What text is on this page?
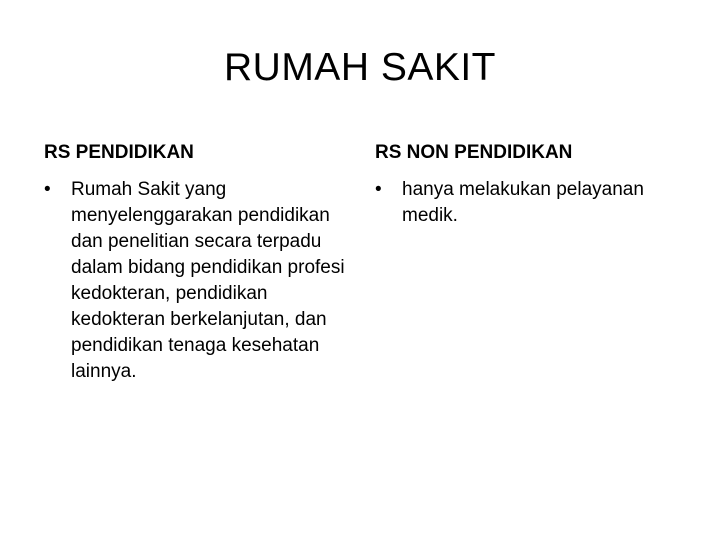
RUMAH SAKIT
RS PENDIDIKAN
•	Rumah Sakit yang menyelenggarakan pendidikan dan penelitian secara terpadu dalam bidang pendidikan profesi kedokteran, pendidikan kedokteran berkelanjutan, dan pendidikan tenaga kesehatan lainnya.
RS NON PENDIDIKAN
•	hanya melakukan pelayanan medik.
